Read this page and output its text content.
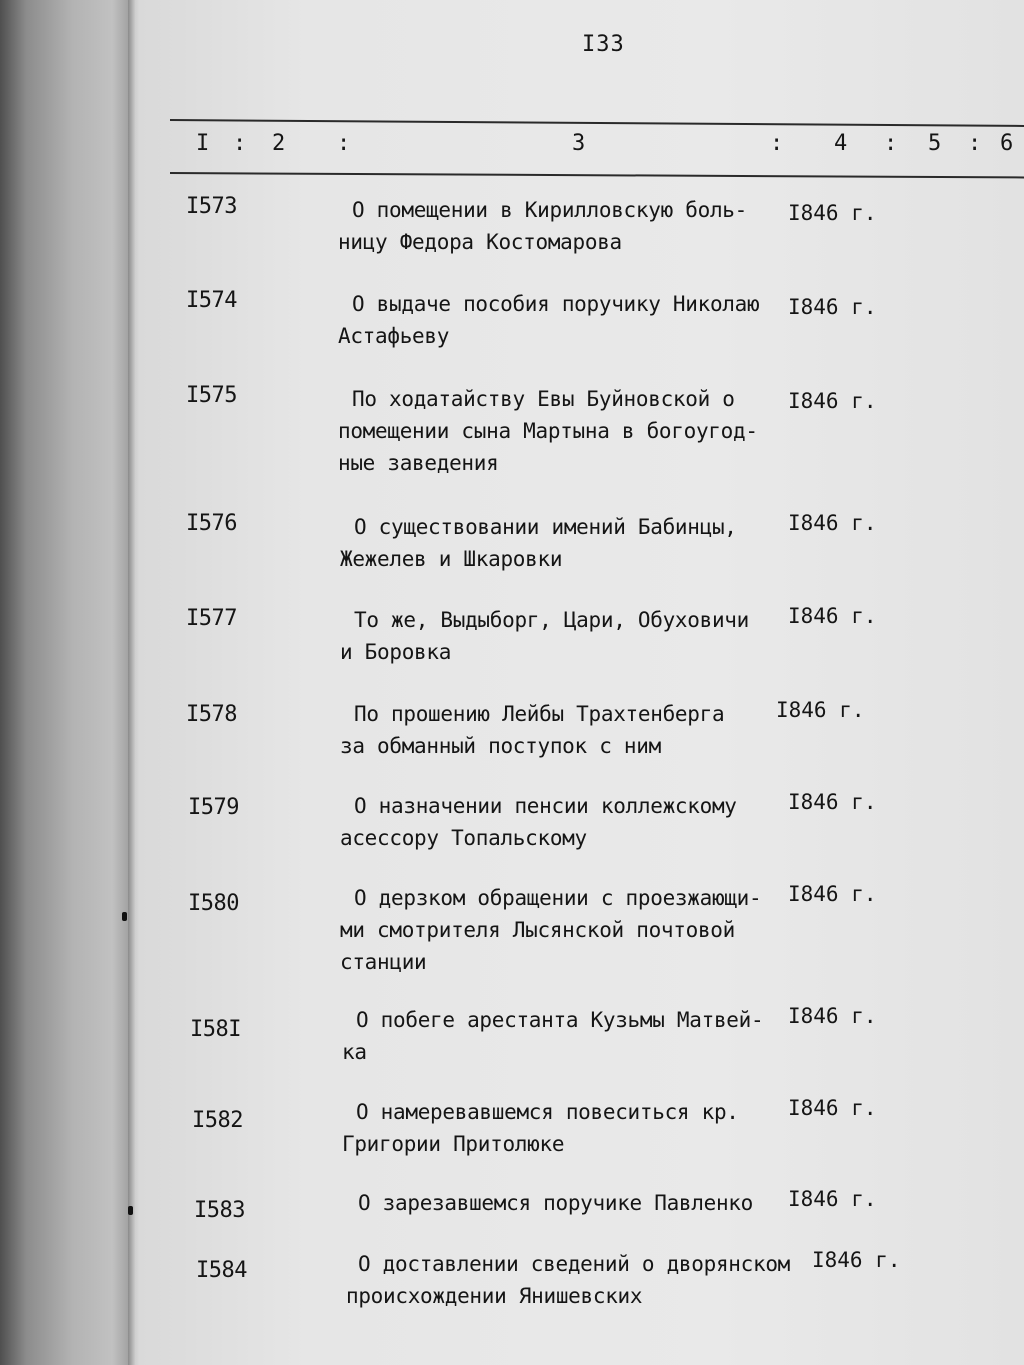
I33
I : 2 :	3	: 4 : 5 : 6
I573	О помещении в Кирилловскую боль-
ницу Федора Костомарова
I846 г.
I574	О выдаче пособия поручику Николаю
Астафьеву
I846 г.
I575	По ходатайству Евы Буйновской о
помещении сына Мартына в богоугод-
ные заведения
I846 г.
I576	О существовании имений Бабинцы,
Жежелев и Шкаровки
I846 г.
I577	То же, Выдыборг, Цари, Обуховичи
и Боровка
I846 г.
I578	По прошению Лейбы Трахтенберга
за обманный поступок с ним
I846 г.
I579	О назначении пенсии коллежскому
асессору Топальскому
I846 г.
I580	О дерзком обращении с проезжающи-
ми смотрителя Лысянской почтовой
станции
I846 г.
I58I	О побеге арестанта Кузьмы Матвей-
ка
I846 г.
I582	О намеревавшемся повеситься кр.
Григории Притолюке
I846 г.
I583	О зарезавшемся поручике Павленко I846 г.
I584	О доставлении сведений о дворянском
происхождении Янишевских
I846 г.
